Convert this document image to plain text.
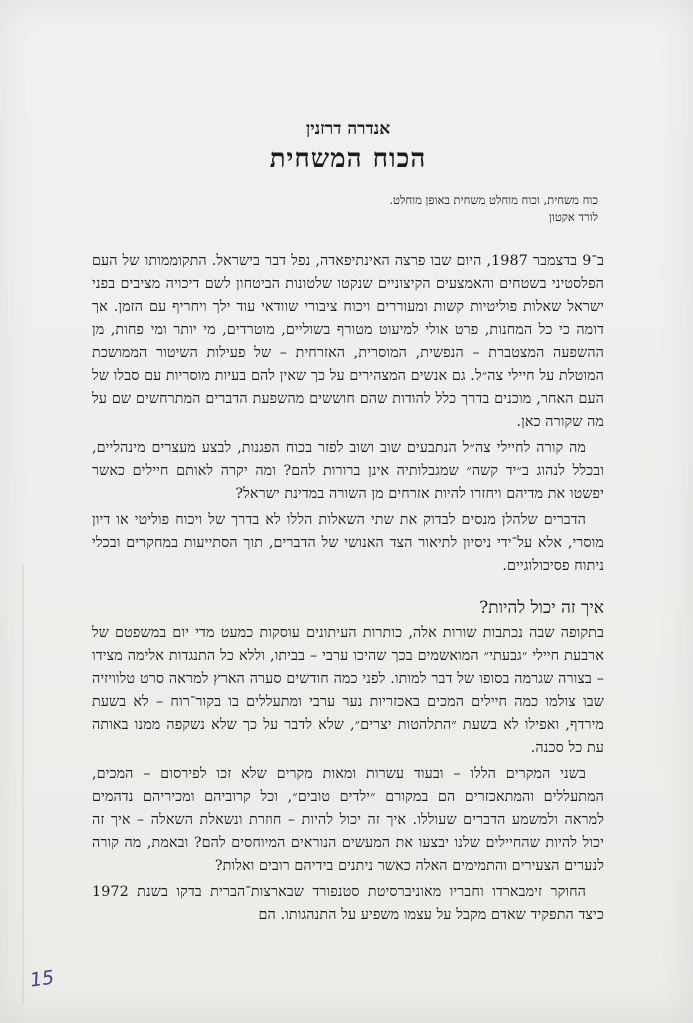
אנדרה דרזנין
הכוח המשחית
כוח משחית, וכוח מוחלט משחית באופן מוחלט.
לורד אקטון

ב־9 בדצמבר 1987, היום שבו פרצה האינתיפאדה, נפל דבר בישראל. התקוממותו של העם הפלסטיני בשטחים והאמצעים הקיצוניים שנקטו שלטונות הביטחון לשם דיכויה מציבים בפני ישראל שאלות פוליטיות קשות ומעוררים ויכוח ציבורי שוודאי עוד ילך ויחריף עם הזמן. אך דומה כי כל המחנות, פרט אולי למיעוט מטורף בשוליים, מוטרדים, מי יותר ומי פחות, מן ההשפעה המצטברת – הנפשית, המוסרית, האזרחית – של פעילות השיטור הממושכת המוטלת על חיילי צה״ל. גם אנשים המצהירים על כך שאין להם בעיות מוסריות עם סבלו של העם האחר, מוכנים בדרך כלל להודות שהם חוששים מהשפעת הדברים המתרחשים שם על מה שקורה כאן.

מה קורה לחיילי צה״ל הנתבעים שוב ושוב לפזר בכוח הפגנות, לבצע מעצרים מינהליים, ובכלל לנהוג ב״יד קשה״ שמגבלותיה אינן ברורות להם? ומה יקרה לאותם חיילים כאשר יפשטו את מדיהם ויחזרו להיות אזרחים מן השורה במדינת ישראל?

הדברים שלהלן מנסים לבדוק את שתי השאלות הללו לא בדרך של ויכוח פוליטי או דיון מוסרי, אלא על־ידי ניסיון לתיאור הצד האנושי של הדברים, תוך הסתייעות במחקרים ובכלי ניתוח פסיכולוגיים.

איך זה יכול להיות?

בתקופה שבה נכתבות שורות אלה, כותרות העיתונים עוסקות כמעט מדי יום במשפטם של ארבעת חיילי ״גבעתי״ המואשמים בכך שהיכו ערבי – בביתו, וללא כל התנגדות אלימה מצידו – בצורה שגרמה בסופו של דבר למותו. לפני כמה חודשים סערה הארץ למראה סרט טלוויזיה שבו צולמו כמה חיילים המכים באכזריות נער ערבי ומתעללים בו בקור־רוח – לא בשעת מירדף, ואפילו לא בשעת ״התלהטות יצרים״, שלא לדבר על כך שלא נשקפה ממנו באותה עת כל סכנה.

בשני המקרים הללו – ובעוד עשרות ומאות מקרים שלא זכו לפירסום – המכים, המתעללים והמתאכזרים הם במקורם ״ילדים טובים״, וכל קרוביהם ומכיריהם נדהמים למראה ולמשמע הדברים שעוללו. איך זה יכול להיות – חוזרת ונשאלת השאלה – איך זה יכול להיות שהחיילים שלנו יבצעו את המעשים הנוראים המיוחסים להם? ובאמת, מה קורה לנערים הצעירים והתמימים האלה כאשר ניתנים בידיהם רובים ואלות?

החוקר זימבארדו וחבריו מאוניברסיטת סטנפורד שבארצות־הברית בדקו בשנת 1972 כיצד התפקיד שאדם מקבל על עצמו משפיע על התנהגותו. הם

15
